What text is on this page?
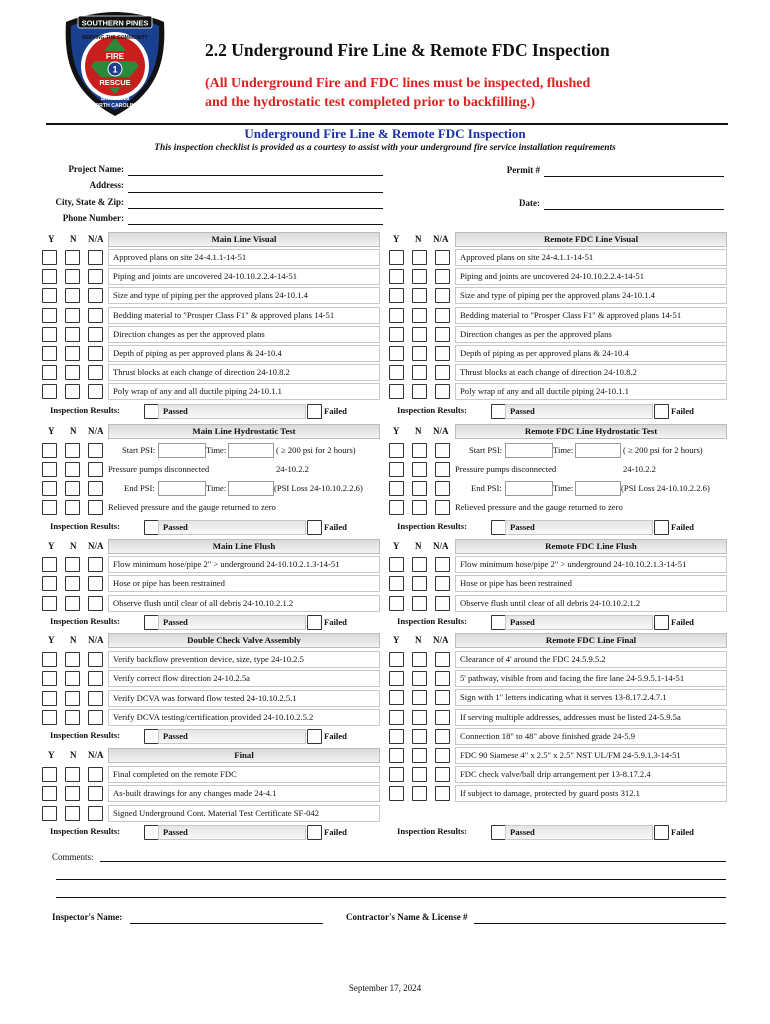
SOUTHERN PINES
FIRE
1
RESCUE
SERVING THE COMMUNITY
SINCE 1888
NORTH CAROLINA
2.2 Underground Fire Line & Remote FDC Inspection
(All Underground Fire and FDC lines must be inspected, flushed
and the hydrostatic test completed prior to backfilling.)
Underground Fire Line & Remote FDC Inspection
This inspection checklist is provided as a courtesy to assist with your underground fire service installation requirements
Project Name:	Permit #
Address:
City, State & Zip:	Date:
Phone Number:
Y N N/A	Main Line Visual
Approved plans on site 24-4.1.1-14-51
Piping and joints are uncovered 24-10.10.2.2.4-14-51
Size and type of piping per the approved plans 24-10.1.4
Bedding material to "Prosper Class F1" & approved plans 14-51
Direction changes as per the approved plans
Depth of piping as per approved plans & 24-10.4
Thrust blocks at each change of direction 24-10.8.2
Poly wrap of any and all ductile piping 24-10.1.1
Y N N/A	Remote FDC Line Visual
Approved plans on site 24-4.1.1-14-51
Piping and joints are uncovered 24-10.10.2.2.4-14-51
Size and type of piping per the approved plans 24-10.1.4
Bedding material to "Prosper Class F1" & approved plans 14-51
Direction changes as per the approved plans
Depth of piping as per approved plans & 24-10.4
Thrust blocks at each change of direction 24-10.8.2
Poly wrap of any and all ductile piping 24-10.1.1
Inspection Results:	Passed	Failed	Inspection Results:	Passed	Failed
Y N N/A	Main Line Hydrostatic Test
Start PSI:	Time:	( ≥ 200 psi for 2 hours)
Pressure pumps disconnected	24-10.2.2
End PSI:	Time:	(PSI Loss 24-10.10.2.2.6)
Relieved pressure and the gauge returned to zero
Y N N/A	Remote FDC Line Hydrostatic Test
Start PSI:	Time:	( ≥ 200 psi for 2 hours)
Pressure pumps disconnected	24-10.2.2
End PSI:	Time:	(PSI Loss 24-10.10.2.2.6)
Relieved pressure and the gauge returned to zero
Inspection Results:	Passed	Failed	Inspection Results:	Passed	Failed
Y N N/A	Main Line Flush
Flow minimum hose/pipe 2" > underground 24-10.10.2.1.3-14-51
Hose or pipe has been restrained
Observe flush until clear of all debris 24-10.10.2.1.2
Y N N/A	Remote FDC Line Flush
Flow minimum hose/pipe 2" > underground 24-10.10.2.1.3-14-51
Hose or pipe has been restrained
Observe flush until clear of all debris 24-10.10.2.1.2
Inspection Results:	Passed	Failed	Inspection Results:	Passed	Failed
Y N N/A	Double Check Valve Assembly
Verify backflow prevention device, size, type 24-10.2.5
Verify correct flow direction 24-10.2.5a
Verify DCVA was forward flow tested 24-10.10.2.5.1
Verify DCVA testing/certification provided 24-10.10.2.5.2
Inspection Results:	Passed	Failed
Y N N/A	Final
Final completed on the remote FDC
As-built drawings for any changes made 24-4.1
Signed Underground Cont. Material Test Certificate SF-042
Inspection Results:	Passed	Failed
Y N N/A	Remote FDC Line Final
Clearance of 4' around the FDC 24.5.9.5.2
5' pathway, visible from and facing the fire lane 24-5.9.5.1-14-51
Sign with 1" letters indicating what it serves 13-8.17.2.4.7.1
If serving multiple addresses, addresses must be listed 24-5.9.5a
Connection 18" to 48" above finished grade 24-5.9
FDC 90 Siamese 4" x 2.5" x 2.5" NST UL/FM 24-5.9.1.3-14-51
FDC check valve/ball drip arrangement per 13-8.17.2.4
If subject to damage, protected by guard posts 312.1
Inspection Results:	Passed	Failed
Comments:
Inspector's Name:	Contractor's Name & License #
September 17, 2024
